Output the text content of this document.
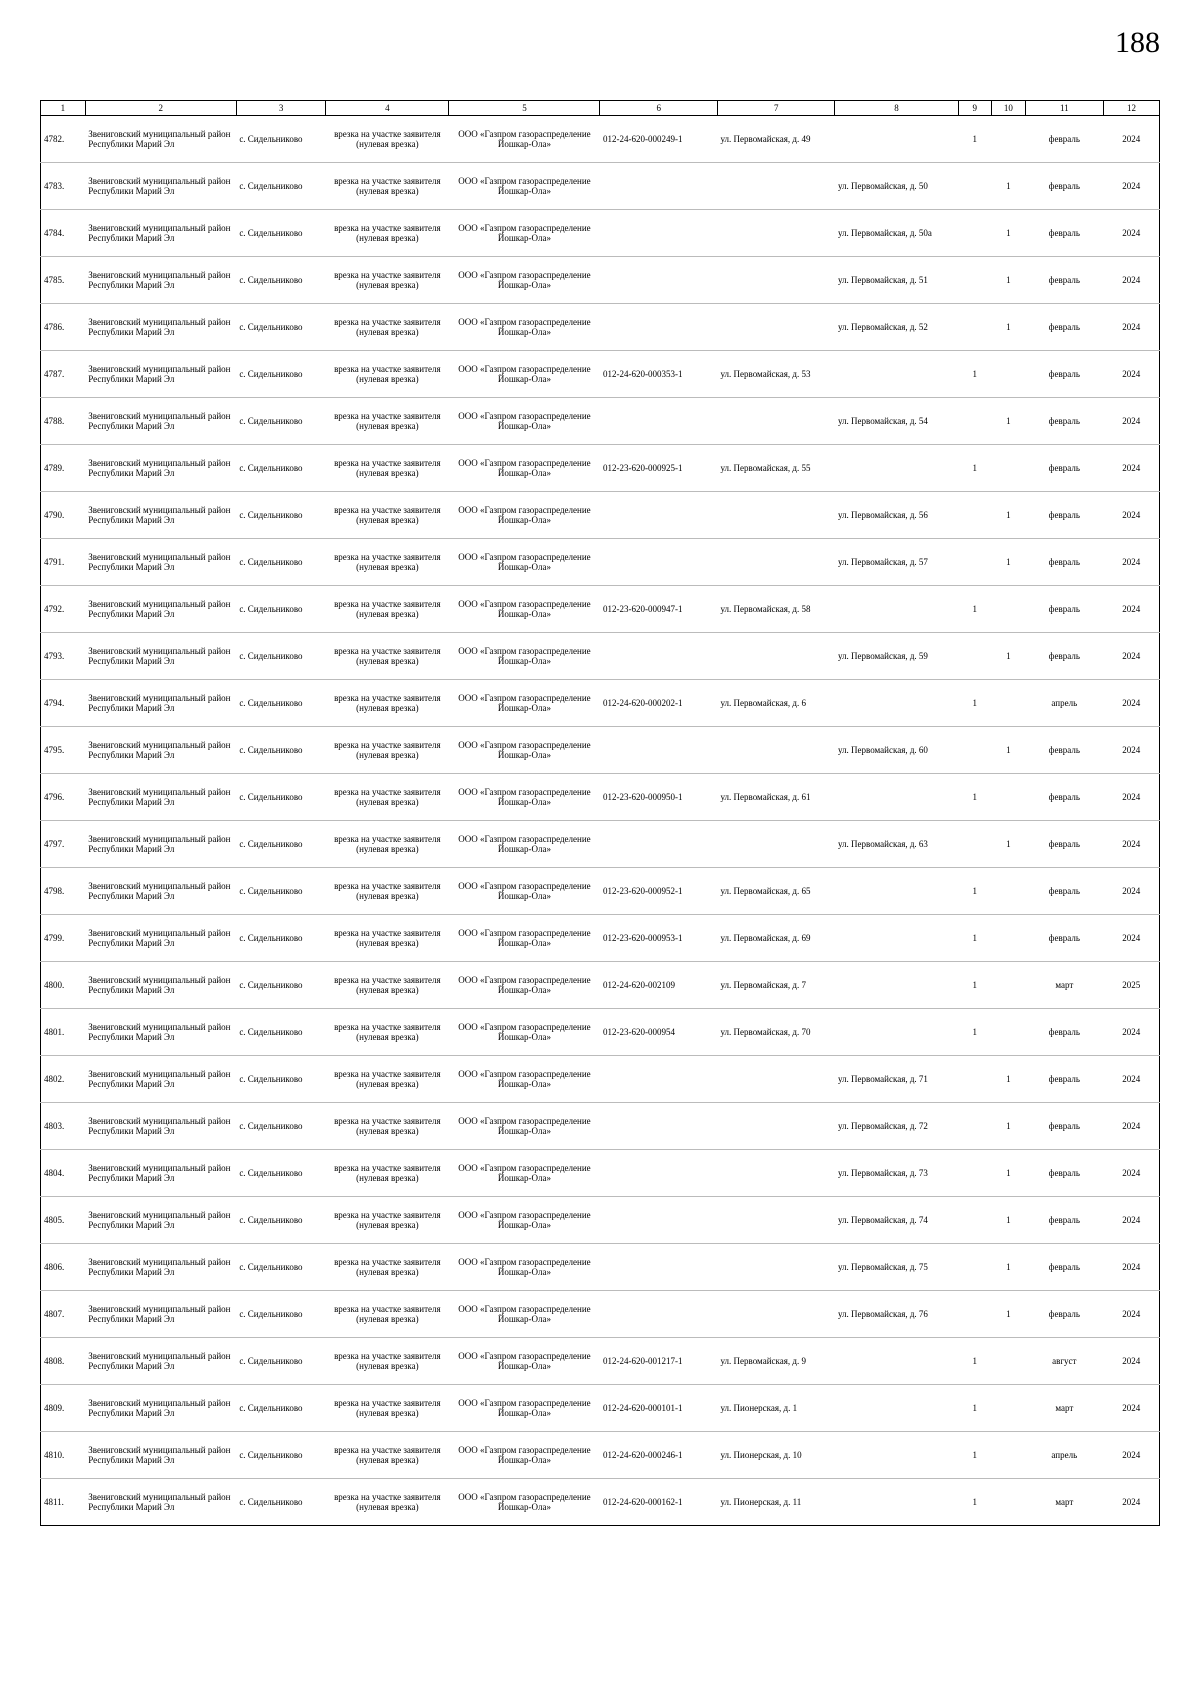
188
1	2	3	4	5	6	7	8	9	10	11	12
4782.	Звениговский муниципальный район Республики Марий Эл	с. Сидельниково	врезка на участке заявителя (нулевая врезка)	ООО «Газпром газораспределение Йошкар-Ола»	012-24-620-000249-1	ул. Первомайская, д. 49		1		февраль	2024
4783.	Звениговский муниципальный район Республики Марий Эл	с. Сидельниково	врезка на участке заявителя (нулевая врезка)	ООО «Газпром газораспределение Йошкар-Ола»			ул. Первомайская, д. 50		1	февраль	2024
4784.	Звениговский муниципальный район Республики Марий Эл	с. Сидельниково	врезка на участке заявителя (нулевая врезка)	ООО «Газпром газораспределение Йошкар-Ола»			ул. Первомайская, д. 50а		1	февраль	2024
4785.	Звениговский муниципальный район Республики Марий Эл	с. Сидельниково	врезка на участке заявителя (нулевая врезка)	ООО «Газпром газораспределение Йошкар-Ола»			ул. Первомайская, д. 51		1	февраль	2024
4786.	Звениговский муниципальный район Республики Марий Эл	с. Сидельниково	врезка на участке заявителя (нулевая врезка)	ООО «Газпром газораспределение Йошкар-Ола»			ул. Первомайская, д. 52		1	февраль	2024
4787.	Звениговский муниципальный район Республики Марий Эл	с. Сидельниково	врезка на участке заявителя (нулевая врезка)	ООО «Газпром газораспределение Йошкар-Ола»	012-24-620-000353-1	ул. Первомайская, д. 53		1		февраль	2024
4788.	Звениговский муниципальный район Республики Марий Эл	с. Сидельниково	врезка на участке заявителя (нулевая врезка)	ООО «Газпром газораспределение Йошкар-Ола»			ул. Первомайская, д. 54		1	февраль	2024
4789.	Звениговский муниципальный район Республики Марий Эл	с. Сидельниково	врезка на участке заявителя (нулевая врезка)	ООО «Газпром газораспределение Йошкар-Ола»	012-23-620-000925-1	ул. Первомайская, д. 55		1		февраль	2024
4790.	Звениговский муниципальный район Республики Марий Эл	с. Сидельниково	врезка на участке заявителя (нулевая врезка)	ООО «Газпром газораспределение Йошкар-Ола»			ул. Первомайская, д. 56		1	февраль	2024
4791.	Звениговский муниципальный район Республики Марий Эл	с. Сидельниково	врезка на участке заявителя (нулевая врезка)	ООО «Газпром газораспределение Йошкар-Ола»			ул. Первомайская, д. 57		1	февраль	2024
4792.	Звениговский муниципальный район Республики Марий Эл	с. Сидельниково	врезка на участке заявителя (нулевая врезка)	ООО «Газпром газораспределение Йошкар-Ола»	012-23-620-000947-1	ул. Первомайская, д. 58		1		февраль	2024
4793.	Звениговский муниципальный район Республики Марий Эл	с. Сидельниково	врезка на участке заявителя (нулевая врезка)	ООО «Газпром газораспределение Йошкар-Ола»			ул. Первомайская, д. 59		1	февраль	2024
4794.	Звениговский муниципальный район Республики Марий Эл	с. Сидельниково	врезка на участке заявителя (нулевая врезка)	ООО «Газпром газораспределение Йошкар-Ола»	012-24-620-000202-1	ул. Первомайская, д. 6		1		апрель	2024
4795.	Звениговский муниципальный район Республики Марий Эл	с. Сидельниково	врезка на участке заявителя (нулевая врезка)	ООО «Газпром газораспределение Йошкар-Ола»			ул. Первомайская, д. 60		1	февраль	2024
4796.	Звениговский муниципальный район Республики Марий Эл	с. Сидельниково	врезка на участке заявителя (нулевая врезка)	ООО «Газпром газораспределение Йошкар-Ола»	012-23-620-000950-1	ул. Первомайская, д. 61		1		февраль	2024
4797.	Звениговский муниципальный район Республики Марий Эл	с. Сидельниково	врезка на участке заявителя (нулевая врезка)	ООО «Газпром газораспределение Йошкар-Ола»			ул. Первомайская, д. 63		1	февраль	2024
4798.	Звениговский муниципальный район Республики Марий Эл	с. Сидельниково	врезка на участке заявителя (нулевая врезка)	ООО «Газпром газораспределение Йошкар-Ола»	012-23-620-000952-1	ул. Первомайская, д. 65		1		февраль	2024
4799.	Звениговский муниципальный район Республики Марий Эл	с. Сидельниково	врезка на участке заявителя (нулевая врезка)	ООО «Газпром газораспределение Йошкар-Ола»	012-23-620-000953-1	ул. Первомайская, д. 69		1		февраль	2024
4800.	Звениговский муниципальный район Республики Марий Эл	с. Сидельниково	врезка на участке заявителя (нулевая врезка)	ООО «Газпром газораспределение Йошкар-Ола»	012-24-620-002109	ул. Первомайская, д. 7		1		март	2025
4801.	Звениговский муниципальный район Республики Марий Эл	с. Сидельниково	врезка на участке заявителя (нулевая врезка)	ООО «Газпром газораспределение Йошкар-Ола»	012-23-620-000954	ул. Первомайская, д. 70		1		февраль	2024
4802.	Звениговский муниципальный район Республики Марий Эл	с. Сидельниково	врезка на участке заявителя (нулевая врезка)	ООО «Газпром газораспределение Йошкар-Ола»			ул. Первомайская, д. 71		1	февраль	2024
4803.	Звениговский муниципальный район Республики Марий Эл	с. Сидельниково	врезка на участке заявителя (нулевая врезка)	ООО «Газпром газораспределение Йошкар-Ола»			ул. Первомайская, д. 72		1	февраль	2024
4804.	Звениговский муниципальный район Республики Марий Эл	с. Сидельниково	врезка на участке заявителя (нулевая врезка)	ООО «Газпром газораспределение Йошкар-Ола»			ул. Первомайская, д. 73		1	февраль	2024
4805.	Звениговский муниципальный район Республики Марий Эл	с. Сидельниково	врезка на участке заявителя (нулевая врезка)	ООО «Газпром газораспределение Йошкар-Ола»			ул. Первомайская, д. 74		1	февраль	2024
4806.	Звениговский муниципальный район Республики Марий Эл	с. Сидельниково	врезка на участке заявителя (нулевая врезка)	ООО «Газпром газораспределение Йошкар-Ола»			ул. Первомайская, д. 75		1	февраль	2024
4807.	Звениговский муниципальный район Республики Марий Эл	с. Сидельниково	врезка на участке заявителя (нулевая врезка)	ООО «Газпром газораспределение Йошкар-Ола»			ул. Первомайская, д. 76		1	февраль	2024
4808.	Звениговский муниципальный район Республики Марий Эл	с. Сидельниково	врезка на участке заявителя (нулевая врезка)	ООО «Газпром газораспределение Йошкар-Ола»	012-24-620-001217-1	ул. Первомайская, д. 9		1		август	2024
4809.	Звениговский муниципальный район Республики Марий Эл	с. Сидельниково	врезка на участке заявителя (нулевая врезка)	ООО «Газпром газораспределение Йошкар-Ола»	012-24-620-000101-1	ул. Пионерская, д. 1		1		март	2024
4810.	Звениговский муниципальный район Республики Марий Эл	с. Сидельниково	врезка на участке заявителя (нулевая врезка)	ООО «Газпром газораспределение Йошкар-Ола»	012-24-620-000246-1	ул. Пионерская, д. 10		1		апрель	2024
4811.	Звениговский муниципальный район Республики Марий Эл	с. Сидельниково	врезка на участке заявителя (нулевая врезка)	ООО «Газпром газораспределение Йошкар-Ола»	012-24-620-000162-1	ул. Пионерская, д. 11		1		март	2024
